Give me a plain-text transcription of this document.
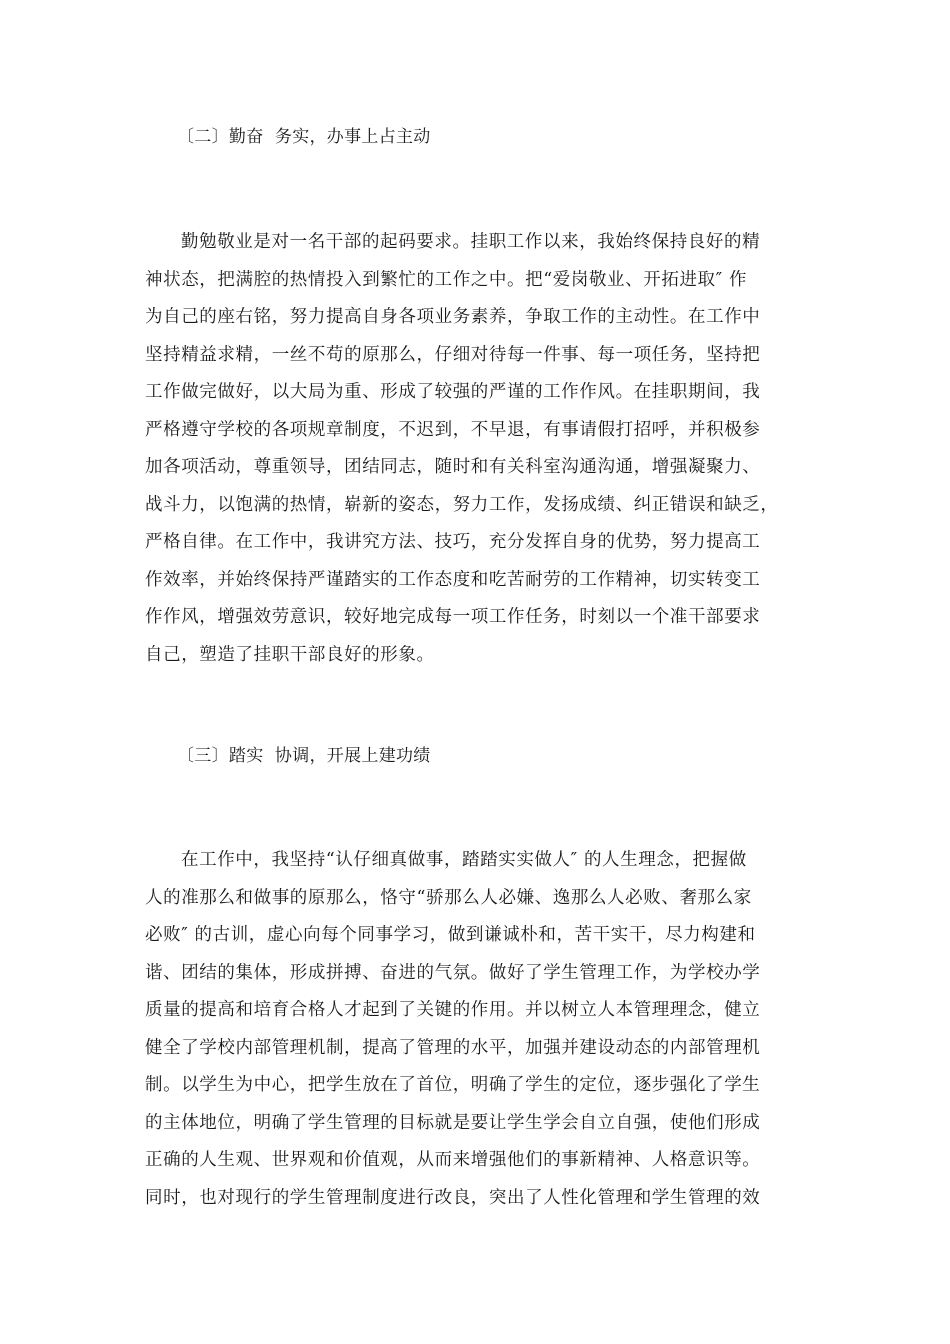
〔二〕勤奋  务实，办事上占主动
勤勉敬业是对一名干部的起码要求。挂职工作以来，我始终保持良好的精
神状态，把满腔的热情投入到繁忙的工作之中。把“爱岗敬业、开拓进取″ 作
为自己的座右铭，努力提高自身各项业务素养，争取工作的主动性。在工作中
坚持精益求精，一丝不苟的原那么，仔细对待每一件事、每一项任务，坚持把
工作做完做好，以大局为重、形成了较强的严谨的工作作风。在挂职期间，我
严格遵守学校的各项规章制度，不迟到，不早退，有事请假打招呼，并积极参
加各项活动，尊重领导，团结同志，随时和有关科室沟通沟通，增强凝聚力、
战斗力，以饱满的热情，崭新的姿态，努力工作，发扬成绩、纠正错误和缺乏，
严格自律。在工作中，我讲究方法、技巧，充分发挥自身的优势，努力提高工
作效率，并始终保持严谨踏实的工作态度和吃苦耐劳的工作精神，切实转变工
作作风，增强效劳意识，较好地完成每一项工作任务，时刻以一个准干部要求
自己，塑造了挂职干部良好的形象。
〔三〕踏实  协调，开展上建功绩
在工作中，我坚持“认仔细真做事，踏踏实实做人″ 的人生理念，把握做
人的准那么和做事的原那么，恪守“骄那么人必嫌、逸那么人必败、奢那么家
必败″ 的古训，虚心向每个同事学习，做到谦诚朴和，苦干实干，尽力构建和
谐、团结的集体，形成拼搏、奋进的气氛。做好了学生管理工作，为学校办学
质量的提高和培育合格人才起到了关键的作用。并以树立人本管理理念，健立
健全了学校内部管理机制，提高了管理的水平，加强并建设动态的内部管理机
制。以学生为中心，把学生放在了首位，明确了学生的定位，逐步强化了学生
的主体地位，明确了学生管理的目标就是要让学生学会自立自强，使他们形成
正确的人生观、世界观和价值观，从而来增强他们的事新精神、人格意识等。
同时，也对现行的学生管理制度进行改良，突出了人性化管理和学生管理的效
